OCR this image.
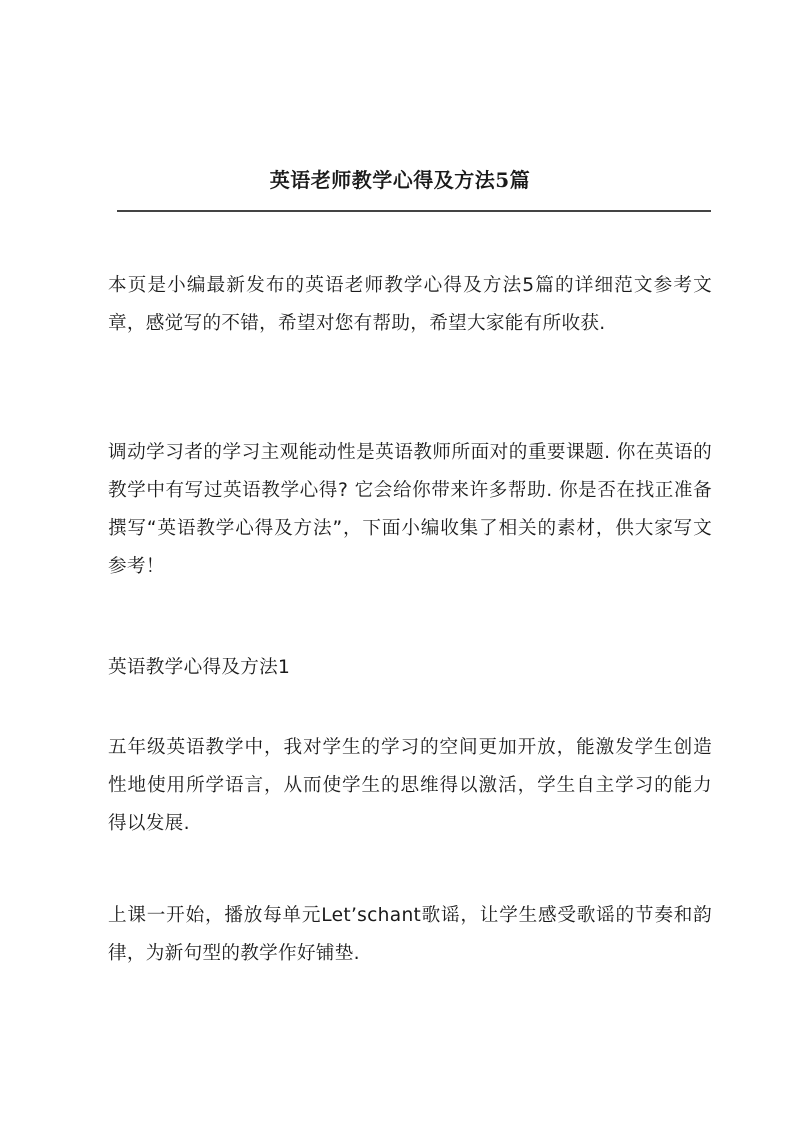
英语老师教学心得及方法5篇

本页是小编最新发布的英语老师教学心得及方法5篇的详细范文参考文章，感觉写的不错，希望对您有帮助，希望大家能有所收获.

调动学习者的学习主观能动性是英语教师所面对的重要课题. 你在英语的教学中有写过英语教学心得? 它会给你带来许多帮助. 你是否在找正准备撰写“英语教学心得及方法”，下面小编收集了相关的素材，供大家写文参考！

英语教学心得及方法1

五年级英语教学中，我对学生的学习的空间更加开放，能激发学生创造性地使用所学语言，从而使学生的思维得以激活，学生自主学习的能力得以发展.

上课一开始，播放每单元Let’schant歌谣，让学生感受歌谣的节奏和韵律，为新句型的教学作好铺垫.
